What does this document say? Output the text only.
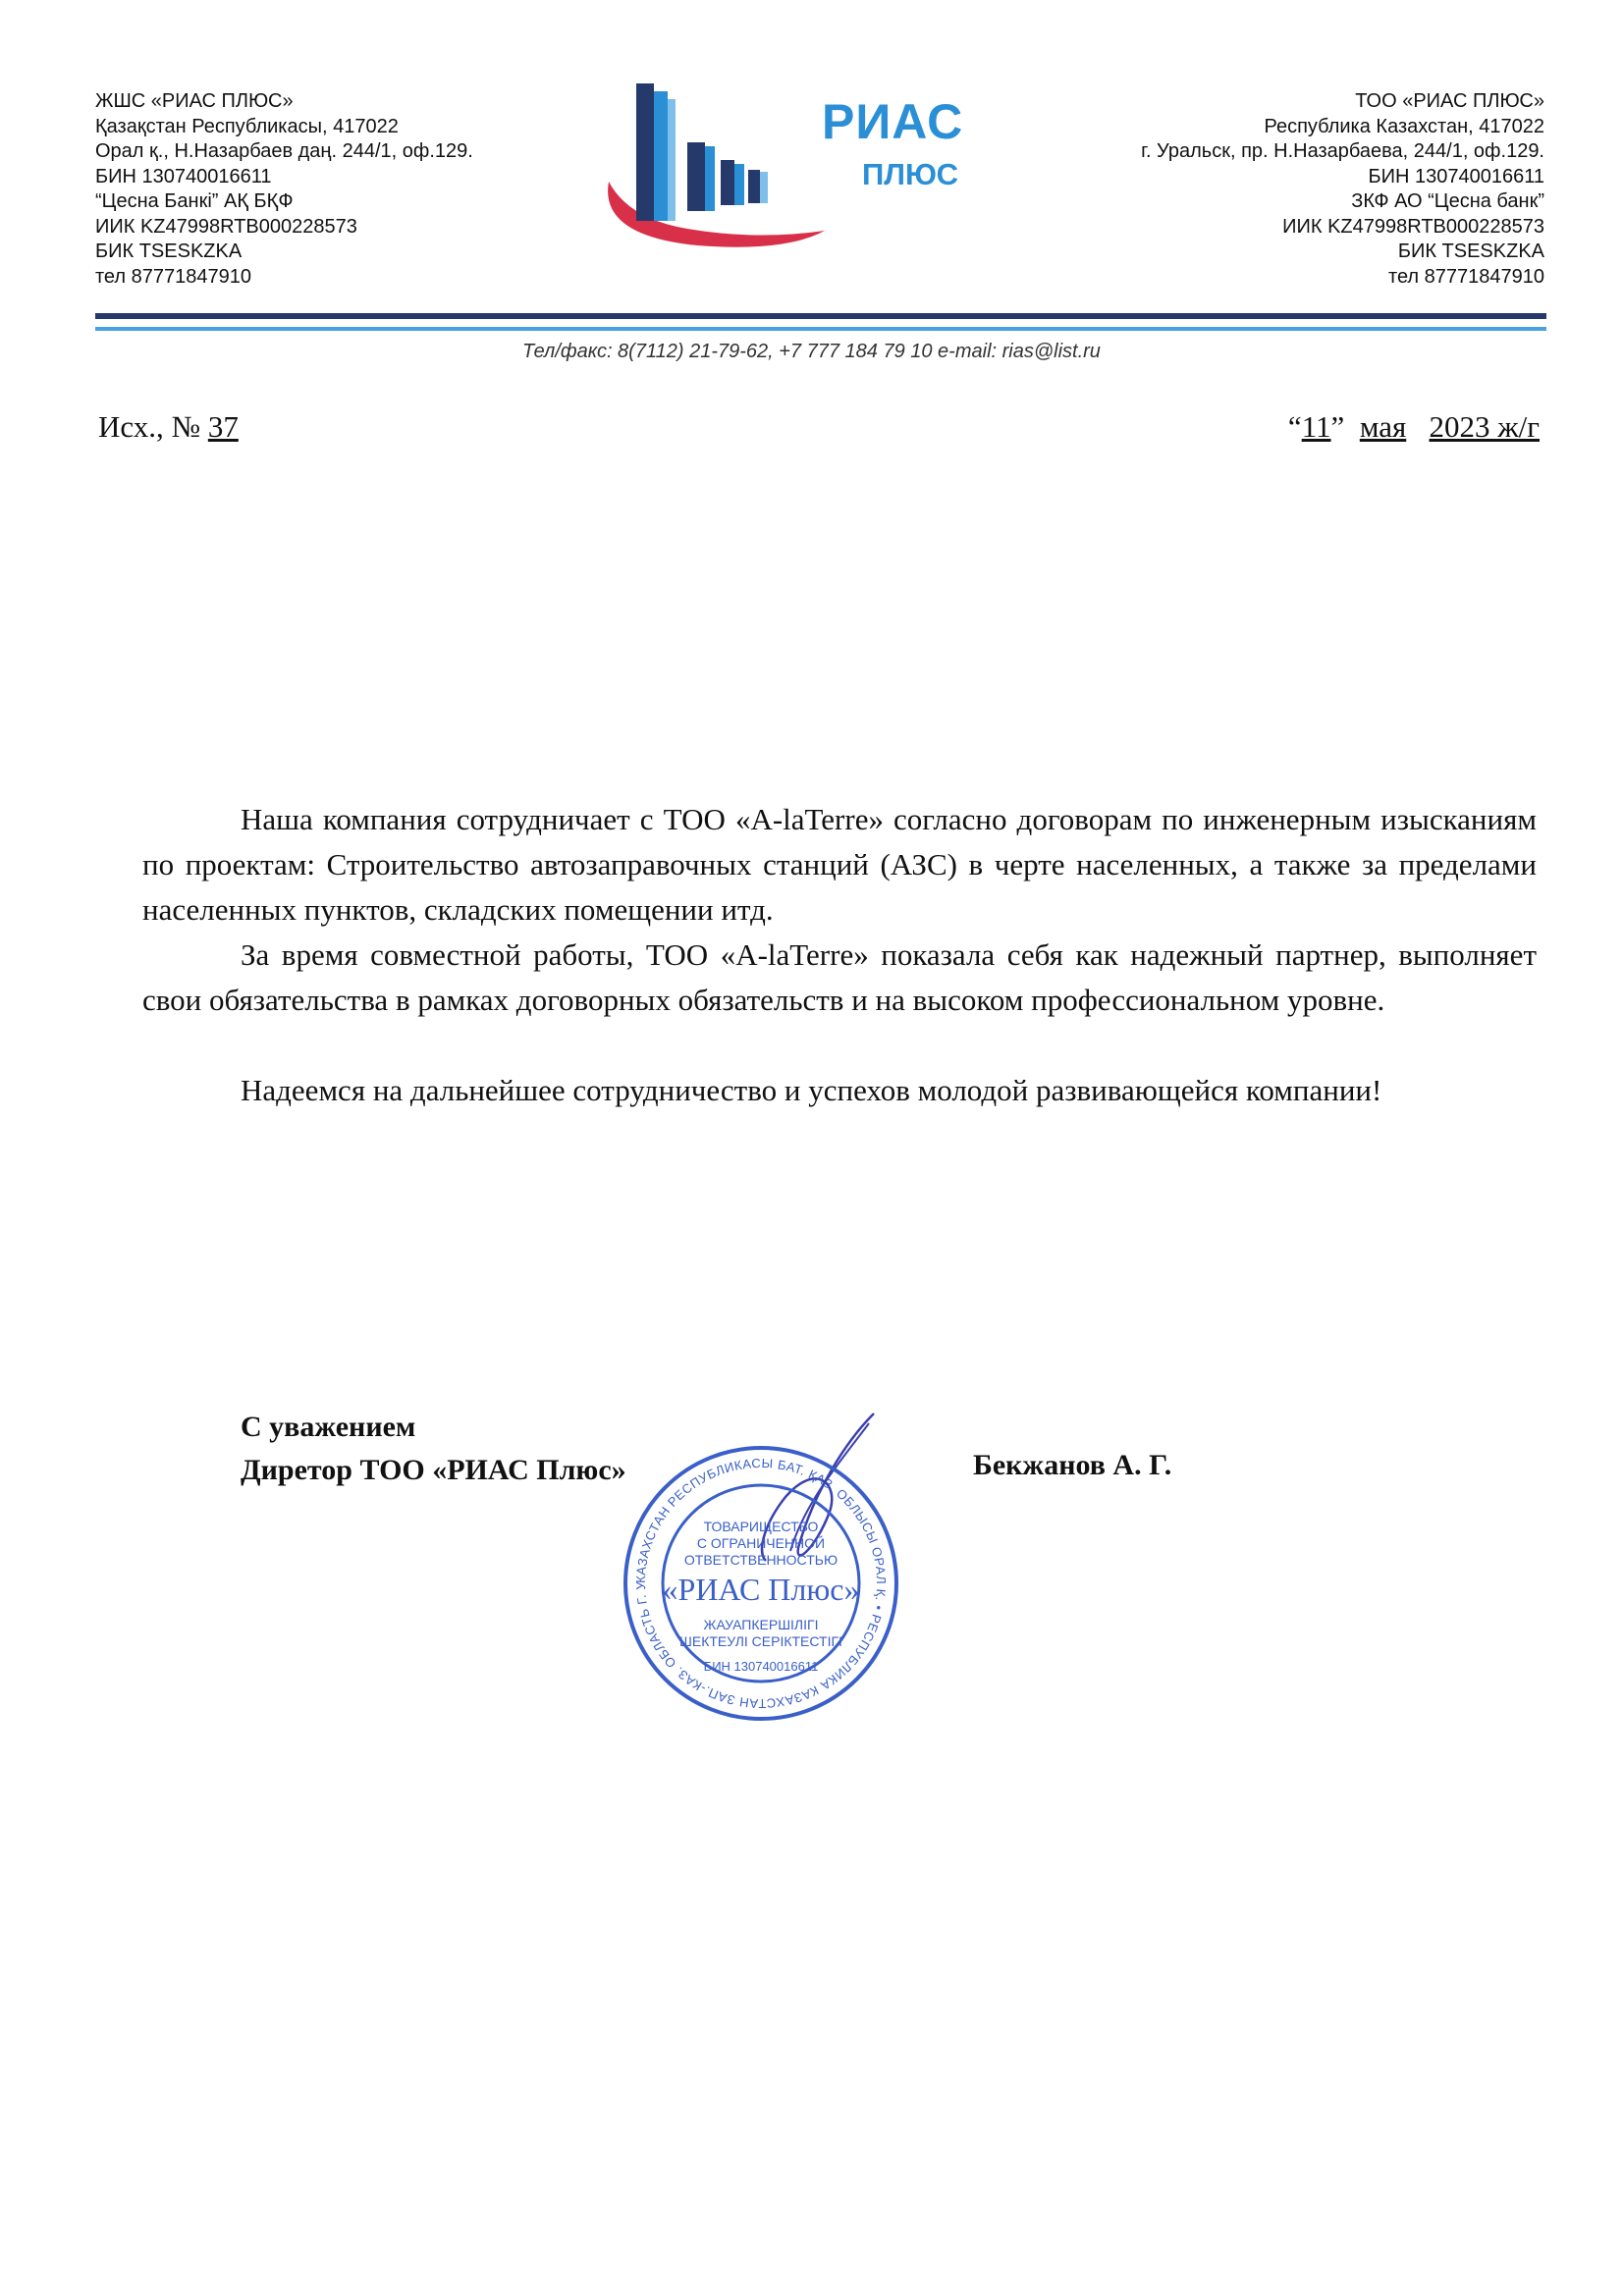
ЖШС «РИАС ПЛЮС»
Қазақстан Республикасы, 417022
Орал қ., Н.Назарбаев даң. 244/1, оф.129.
БИН 130740016611
“Цесна Банкі” АҚ БҚФ
ИИК KZ47998RTB000228573
БИК TSESKZKA
тел 87771847910
РИАС
ПЛЮС
ТОО «РИАС ПЛЮС»
Республика Казахстан, 417022
г. Уральск, пр. Н.Назарбаева, 244/1, оф.129.
БИН 130740016611
ЗКФ АО “Цесна банк”
ИИК KZ47998RTB000228573
БИК TSESKZKA
тел 87771847910
Тел/факс: 8(7112) 21-79-62, +7 777 184 79 10 e-mail: rias@list.ru
Исх., № 37	“11” мая 2023 ж/г

Наша компания сотрудничает с ТОО «A-laTerre» согласно договорам по инженерным изысканиям по проектам: Строительство автозаправочных станций (АЗС) в черте населенных, а также за пределами населенных пунктов, складских помещении итд.

За время совместной работы, ТОО «A-laTerre» показала себя как надежный партнер, выполняет свои обязательства в рамках договорных обязательств и на высоком профессиональном уровне.

Надеемся на дальнейшее сотрудничество и успехов молодой развивающейся компании!

КАЗАХСТАН РЕСПУБЛИКАСЫ БАТ. ҚАЗ. ОБЛЫСЫ ОРАЛ Қ. • РЕСПУБЛИКА КАЗАХСТАН ЗАП.-КАЗ. ОБЛАСТЬ Г. У
ТОВАРИЩЕСТВО
С ОГРАНИЧЕННОЙ
ОТВЕТСТВЕННОСТЬЮ
«РИАС Плюс»
ЖАУАПКЕРШІЛІГІ
ШЕКТЕУЛІ СЕРІКТЕСТІГІ
БИН 130740016611
С уважением
Диретор ТОО «РИАС Плюс»	Бекжанов А. Г.
